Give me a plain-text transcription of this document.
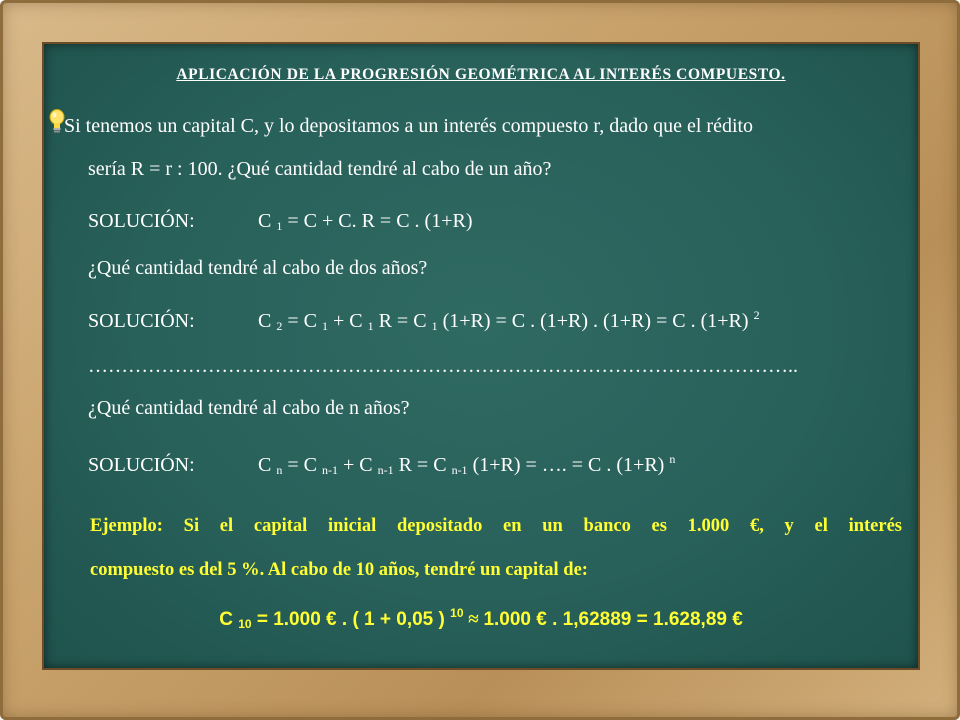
APLICACIÓN DE LA PROGRESIÓN GEOMÉTRICA AL INTERÉS COMPUESTO.
Si tenemos un capital C, y lo depositamos a un interés compuesto r, dado que el rédito
sería R = r : 100. ¿Qué cantidad tendré al cabo de un año?
SOLUCIÓN:	C $_1$ = C + C. R = C . (1+R)
¿Qué cantidad tendré al cabo de dos años?
SOLUCIÓN:	C $_2$ = C $_1$ + C $_1$ R = C $_1$ (1+R) = C . (1+R) . (1+R) = C . (1+R) $^2$
……………………………………………………………………………………………..
¿Qué cantidad tendré al cabo de n años?
SOLUCIÓN:	C $_n$ = C $_{n-1}$ + C $_{n-1}$ R = C $_{n-1}$ (1+R) = …. = C . (1+R) $^n$
Ejemplo: Si el capital inicial depositado en un banco es 1.000 €, y el interés
compuesto es del 5 %. Al cabo de 10 años, tendré un capital de:
C $_{10}$ = 1.000 € . ( 1 + 0,05 ) $^{10}$ ≈ 1.000 € . 1,62889 = 1.628,89 €
